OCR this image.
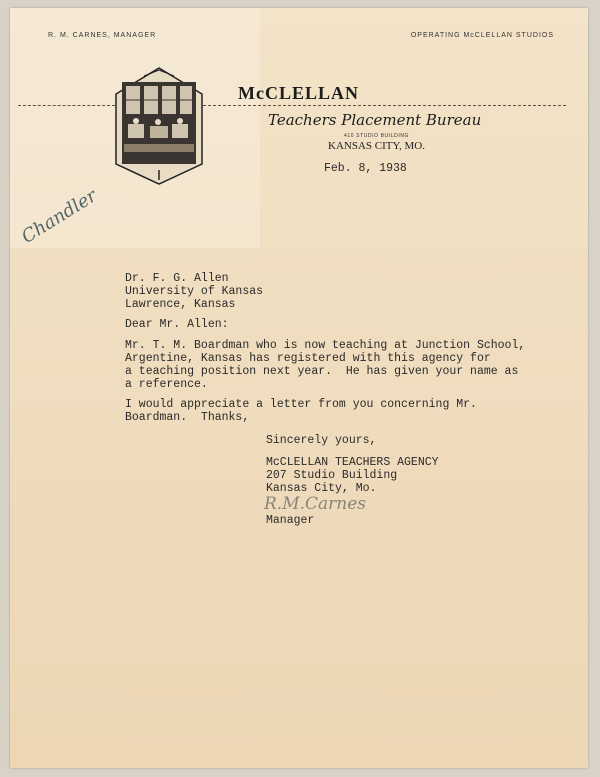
R. M. CARNES, MANAGER	OPERATING McCLELLAN STUDIOS
McCLELLAN
Teachers Placement Bureau
410 STUDIO BUILDING
KANSAS CITY, MO.
Feb. 8, 1938
Chandler
Dr. F. G. Allen
University of Kansas
Lawrence, Kansas
Dear Mr. Allen:
Mr. T. M. Boardman who is now teaching at Junction School,
Argentine, Kansas has registered with this agency for
a teaching position next year.  He has given your name as
a reference.
I would appreciate a letter from you concerning Mr.
Boardman.  Thanks,
Sincerely yours,
McCLELLAN TEACHERS AGENCY
207 Studio Building
Kansas City, Mo.
R.M.Carnes
Manager
